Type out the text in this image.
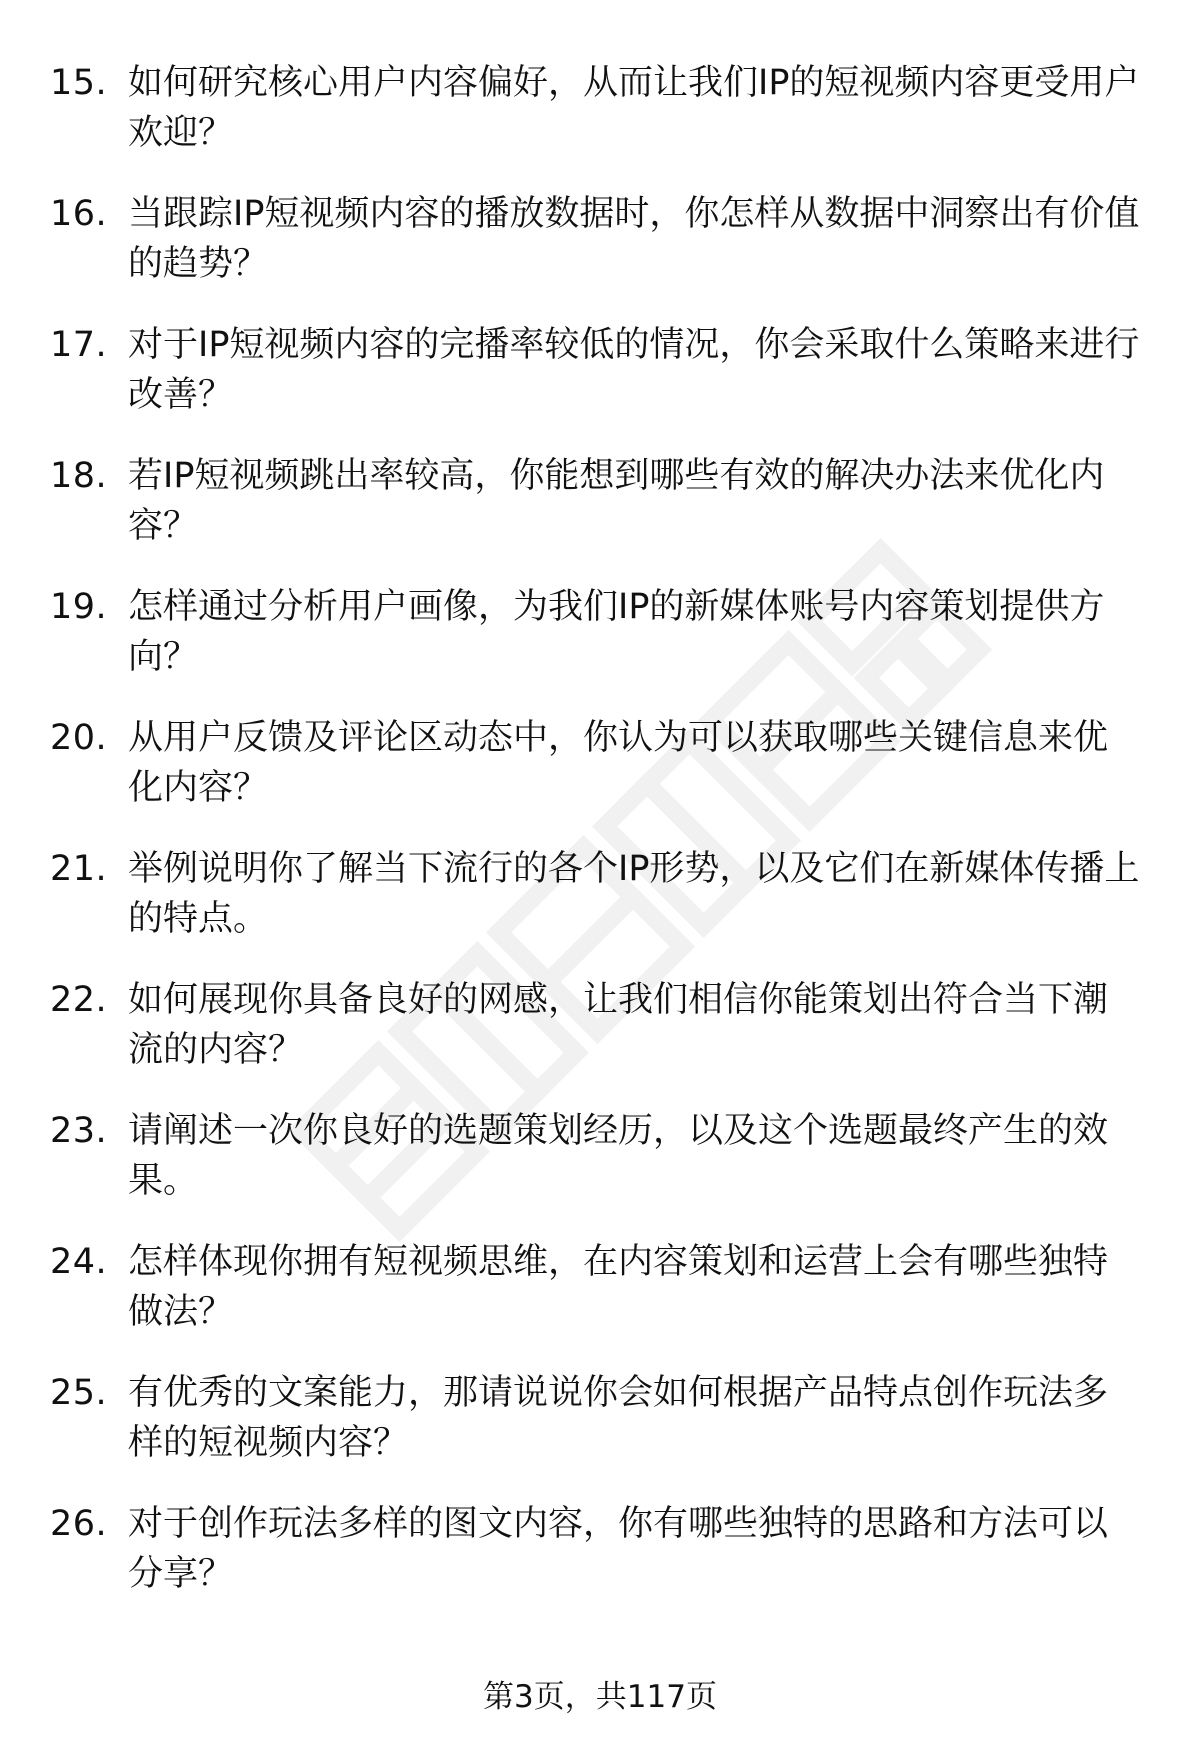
15. 如何研究核心用户内容偏好，从而让我们IP的短视频内容更受用户欢迎？
16. 当跟踪IP短视频内容的播放数据时，你怎样从数据中洞察出有价值的趋势？
17. 对于IP短视频内容的完播率较低的情况，你会采取什么策略来进行改善？
18. 若IP短视频跳出率较高，你能想到哪些有效的解决办法来优化内容？
19. 怎样通过分析用户画像，为我们IP的新媒体账号内容策划提供方向？
20. 从用户反馈及评论区动态中，你认为可以获取哪些关键信息来优化内容？
21. 举例说明你了解当下流行的各个IP形势，以及它们在新媒体传播上的特点。
22. 如何展现你具备良好的网感，让我们相信你能策划出符合当下潮流的内容？
23. 请阐述一次你良好的选题策划经历，以及这个选题最终产生的效果。
24. 怎样体现你拥有短视频思维，在内容策划和运营上会有哪些独特做法？
25. 有优秀的文案能力，那请说说你会如何根据产品特点创作玩法多样的短视频内容？
26. 对于创作玩法多样的图文内容，你有哪些独特的思路和方法可以分享？
第3页，共117页
